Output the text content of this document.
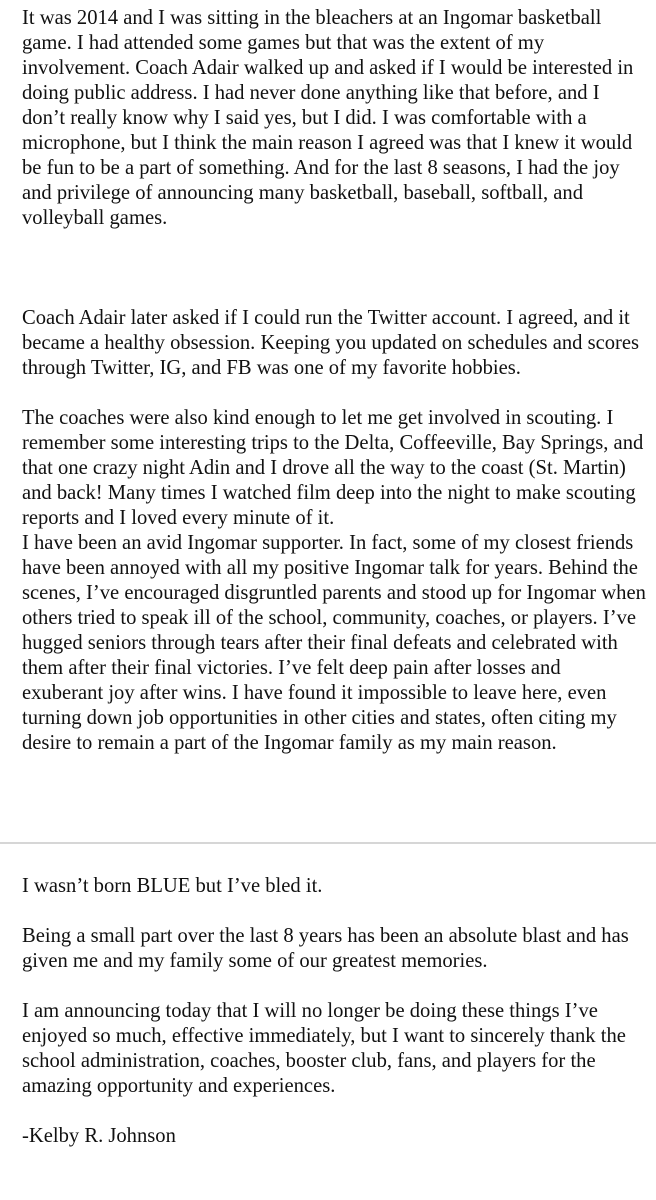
It was 2014 and I was sitting in the bleachers at an Ingomar basketball game. I had attended some games but that was the extent of my involvement. Coach Adair walked up and asked if I would be interested in doing public address. I had never done anything like that before, and I don’t really know why I said yes, but I did. I was comfortable with a microphone, but I think the main reason I agreed was that I knew it would be fun to be a part of something. And for the last 8 seasons, I had the joy and privilege of announcing many basketball, baseball, softball, and volleyball games.

Coach Adair later asked if I could run the Twitter account. I agreed, and it became a healthy obsession. Keeping you updated on schedules and scores through Twitter, IG, and FB was one of my favorite hobbies.

The coaches were also kind enough to let me get involved in scouting. I remember some interesting trips to the Delta, Coffeeville, Bay Springs, and that one crazy night Adin and I drove all the way to the coast (St. Martin) and back! Many times I watched film deep into the night to make scouting reports and I loved every minute of it.

I have been an avid Ingomar supporter. In fact, some of my closest friends have been annoyed with all my positive Ingomar talk for years. Behind the scenes, I’ve encouraged disgruntled parents and stood up for Ingomar when others tried to speak ill of the school, community, coaches, or players. I’ve hugged seniors through tears after their final defeats and celebrated with them after their final victories. I’ve felt deep pain after losses and exuberant joy after wins. I have found it impossible to leave here, even turning down job opportunities in other cities and states, often citing my desire to remain a part of the Ingomar family as my main reason.

I wasn’t born BLUE but I’ve bled it.

Being a small part over the last 8 years has been an absolute blast and has given me and my family some of our greatest memories.

I am announcing today that I will no longer be doing these things I’ve enjoyed so much, effective immediately, but I want to sincerely thank the school administration, coaches, booster club, fans, and players for the amazing opportunity and experiences.

-Kelby R. Johnson
